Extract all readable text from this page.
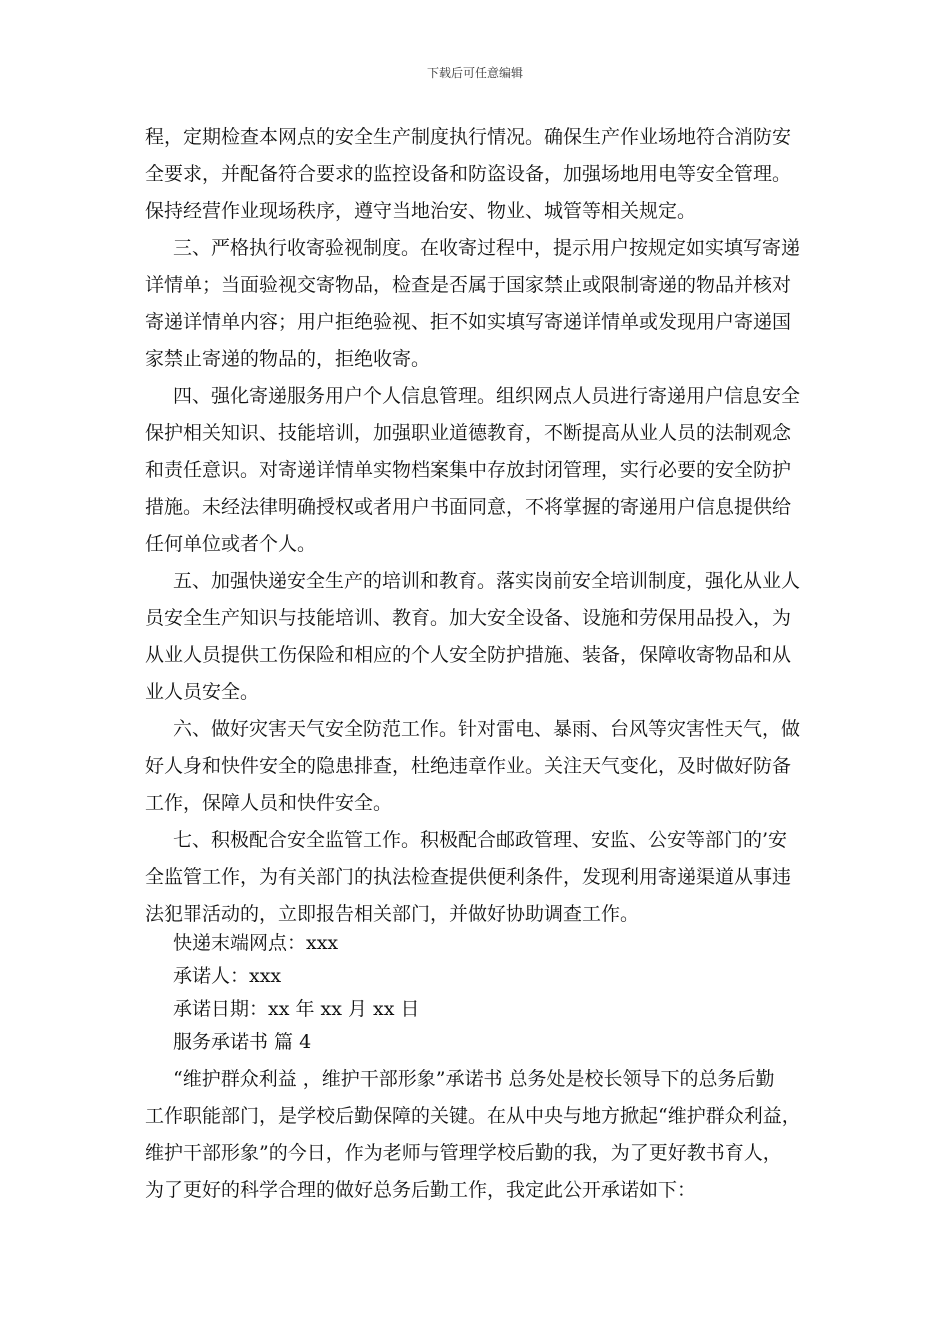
下载后可任意编辑
程，定期检查本网点的安全生产制度执行情况。确保生产作业场地符合消防安
全要求，并配备符合要求的监控设备和防盗设备，加强场地用电等安全管理。
保持经营作业现场秩序，遵守当地治安、物业、城管等相关规定。
三、严格执行收寄验视制度。在收寄过程中，提示用户按规定如实填写寄递
详情单；当面验视交寄物品，检查是否属于国家禁止或限制寄递的物品并核对
寄递详情单内容；用户拒绝验视、拒不如实填写寄递详情单或发现用户寄递国
家禁止寄递的物品的，拒绝收寄。
四、强化寄递服务用户个人信息管理。组织网点人员进行寄递用户信息安全
保护相关知识、技能培训，加强职业道德教育，不断提高从业人员的法制观念
和责任意识。对寄递详情单实物档案集中存放封闭管理，实行必要的安全防护
措施。未经法律明确授权或者用户书面同意，不将掌握的寄递用户信息提供给
任何单位或者个人。
五、加强快递安全生产的培训和教育。落实岗前安全培训制度，强化从业人
员安全生产知识与技能培训、教育。加大安全设备、设施和劳保用品投入，为
从业人员提供工伤保险和相应的个人安全防护措施、装备，保障收寄物品和从
业人员安全。
六、做好灾害天气安全防范工作。针对雷电、暴雨、台风等灾害性天气，做
好人身和快件安全的隐患排查，杜绝违章作业。关注天气变化，及时做好防备
工作，保障人员和快件安全。
七、积极配合安全监管工作。积极配合邮政管理、安监、公安等部门的’安
全监管工作，为有关部门的执法检查提供便利条件，发现利用寄递渠道从事违
法犯罪活动的，立即报告相关部门，并做好协助调查工作。
快递末端网点：xxx
承诺人：xxx
承诺日期：xx 年 xx 月 xx 日
服务承诺书 篇 4
“维护群众利益 ，维护干部形象”承诺书 总务处是校长领导下的总务后勤
工作职能部门，是学校后勤保障的关键。在从中央与地方掀起“维护群众利益，
维护干部形象”的今日，作为老师与管理学校后勤的我，为了更好教书育人，
为了更好的科学合理的做好总务后勤工作，我定此公开承诺如下：
